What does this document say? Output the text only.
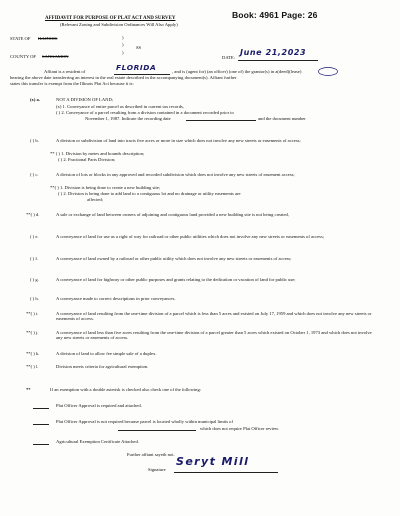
Book: 4961 Page: 26
AFFIDAVIT FOR PURPOSE OF PLAT ACT AND SURVEY
(Relevant Zoning and Subdivision Ordinances Will Also Apply)
STATE OF ILLINOIS	)
)
SS
)
COUNTY OF SANGAMON	DATE:
June 21,2023
Affiant is a resident of	FLORIDA	, and is (agent for) (an officer) (one of) the grantor(s) in a(deed)(lease)
bearing the above date transferring an interest in the real estate described in the accompanying document(s). Affiant further
states this transfer is exempt from the Illinois Plat Act because it is:
(x) a.	NOT A DIVISION OF LAND;
(x) 1. Conveyance of entire parcel as described in current tax records,
( ) 2. Conveyance of a parcel resulting from a division contained in a document recorded prior to
November 1, 1987. Indicate the recording date	and the document number
( ) b.	A division or subdivision of land into tracts five acres or more in size which does not involve any new streets or easements of access;
** ( ) 1. Division by metes and bounds description;
( ) 2. Fractional Parts Division;
( ) c.	A division of lots or blocks in any approved and recorded subdivision which does not involve any new streets of easement access;
**( ) 1. Division is being done to create a new building site;
( ) 2. Division is being done to add land to a contiguous lot and no drainage or utility easements are
affected;
**( ) d.	A sale or exchange of land between owners of adjoining and contiguous land provided a new building site is not being created,
( ) e.	A conveyance of land for use as a right of way for railroad or other public utilities which does not involve any new streets or easements of access;
( ) f.	A conveyance of land owned by a railroad or other public utility which does not involve any new streets or easements of access;
( ) g.	A conveyance of land for highway or other public purposes and grants relating to the dedication or vacation of land for public use;
( ) h.	A conveyance made to correct descriptions in prior conveyances.
**( ) i.	A conveyance of land resulting from the one-time division of a parcel which is less than 5 acres and existed on July 17, 1959 and which does not involve any new streets or easements of access.
**( ) j.	A conveyance of land less than five acres resulting from the one-time division of a parcel greater than 5 acres which existed on October 1, 1973 and which does not involve any new streets or easements of access.
**( ) k.	A division of land to allow fee simple sale of a duplex.
**( ) l.	Division meets criteria for agricultural exemption.
**	If an exemption with a double asterisk is checked also check one of the following:
Plat Officer Approval is required and attached.
Plat Officer Approval is not required because parcel is located wholly within municipal limits of
which does not require Plat Officer review.
Agricultural Exemption Certificate Attached.
Further affiant sayeth not.
Signature
Seryt Mill
